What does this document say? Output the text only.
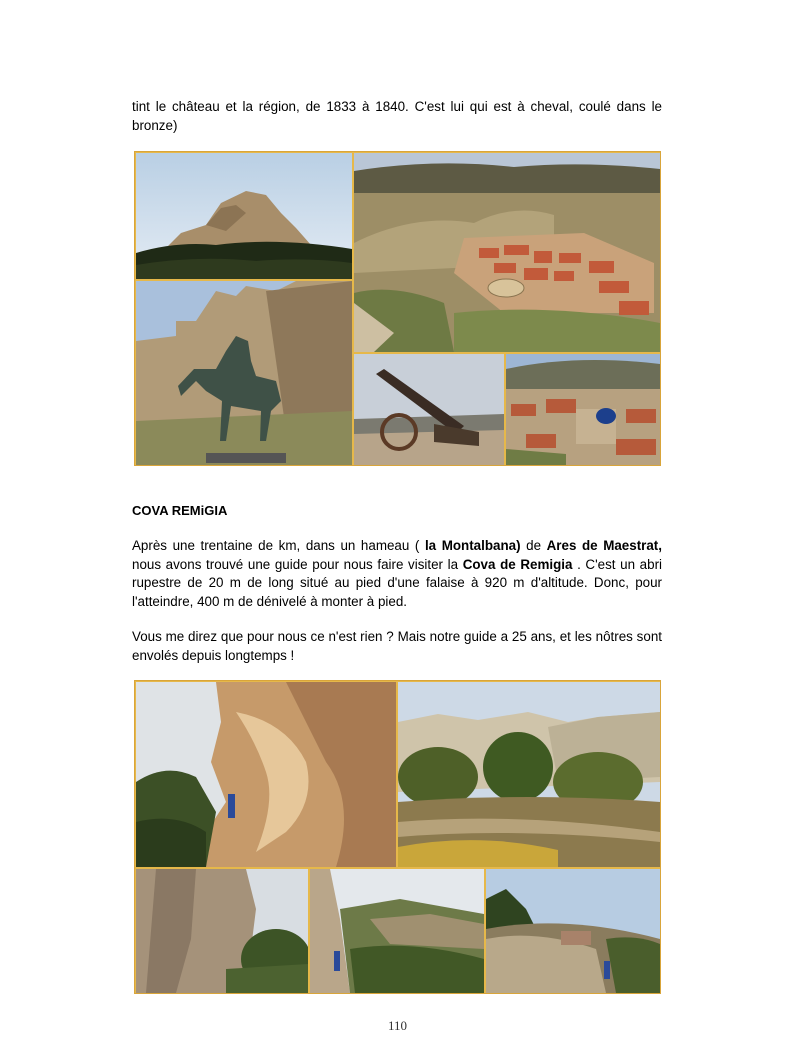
tint le château et la région, de 1833 à 1840. C'est lui qui est à cheval, coulé dans le bronze)

COVA REMiGIA

Après une trentaine de km, dans un hameau ( la Montalbana) de Ares de Maestrat, nous avons trouvé une guide pour nous faire visiter la Cova de Remigia . C'est un abri rupestre de 20 m de long situé au pied d'une falaise à 920 m d'altitude. Donc, pour l'atteindre, 400 m de dénivelé à monter à pied.

Vous me direz que pour nous ce n'est rien ? Mais notre guide a 25 ans, et les nôtres sont envolés depuis longtemps !

110
